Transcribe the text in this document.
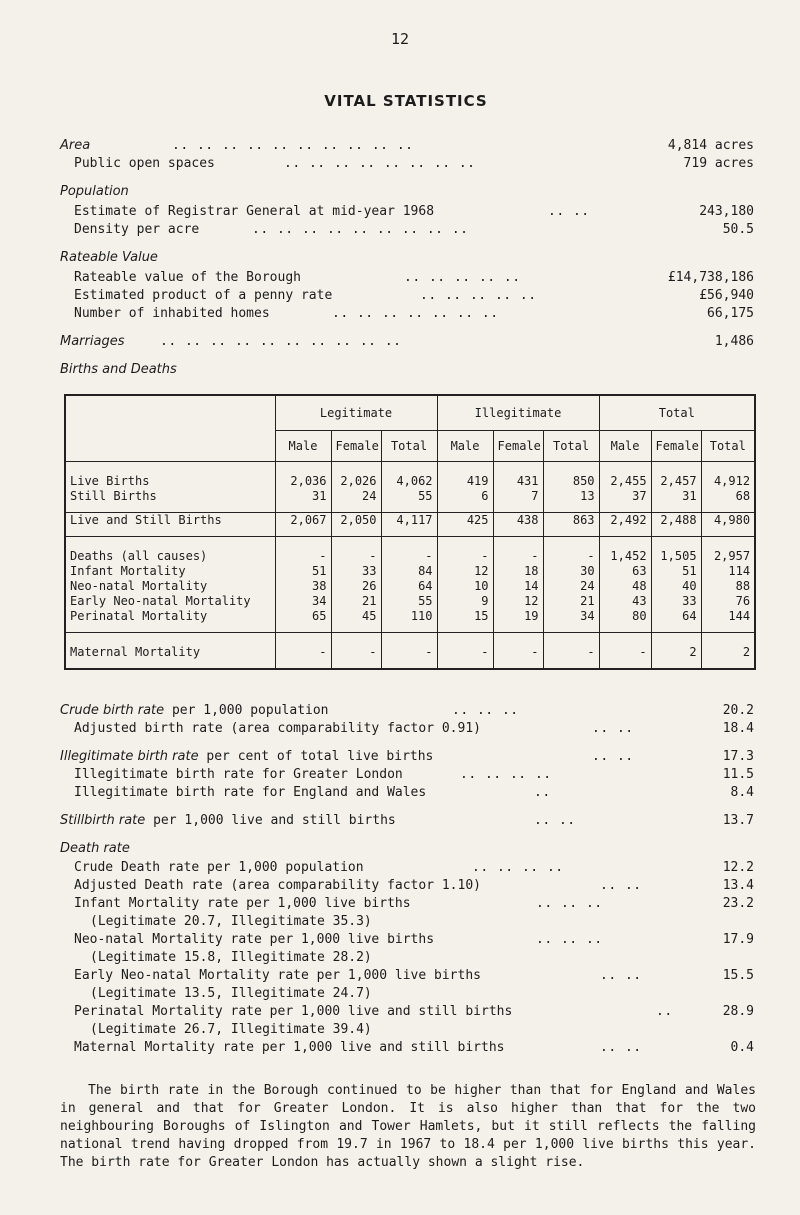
12
VITAL STATISTICS
Area	.. .. .. .. .. .. .. .. .. ..	4,814 acres
Public open spaces	.. .. .. .. .. .. .. ..	719 acres
Population
Estimate of Registrar General at mid-year 1968	.. ..	243,180
Density per acre	.. .. .. .. .. .. .. .. ..	50.5
Rateable Value
Rateable value of the Borough	.. .. .. .. ..	£14,738,186
Estimated product of a penny rate	.. .. .. .. ..	£56,940
Number of inhabited homes	.. .. .. .. .. .. ..	66,175
Marriages	.. .. .. .. .. .. .. .. .. ..	1,486
Births and Deaths
	Legitimate			Illegitimate			Total		
	Male	Female	Total	Male	Female	Total	Male	Female	Total

Live Births	2,036	2,026	4,062	419	431	850	2,455	2,457	4,912
Still Births	31	24	55	6	7	13	37	31	68

Live and Still Births	2,067	2,050	4,117	425	438	863	2,492	2,488	4,980

Deaths (all causes)	-	-	-	-	-	-	1,452	1,505	2,957
Infant Mortality	51	33	84	12	18	30	63	51	114
Neo-natal Mortality	38	26	64	10	14	24	48	40	88
Early Neo-natal Mortality	34	21	55	9	12	21	43	33	76
Perinatal Mortality	65	45	110	15	19	34	80	64	144

Maternal Mortality	-	-	-	-	-	-	-	2	2

Crude birth rate per 1,000 population	.. .. ..	20.2
Adjusted birth rate (area comparability factor 0.91)	.. ..	18.4
Illegitimate birth rate per cent of total live births	.. ..	17.3
Illegitimate birth rate for Greater London	.. .. .. ..	11.5
Illegitimate birth rate for England and Wales	..	8.4
Stillbirth rate per 1,000 live and still births	.. ..	13.7
Death rate
Crude Death rate per 1,000 population	.. .. .. ..	12.2
Adjusted Death rate (area comparability factor 1.10)	.. ..	13.4
Infant Mortality rate per 1,000 live births	.. .. ..	23.2
(Legitimate 20.7, Illegitimate 35.3)
Neo-natal Mortality rate per 1,000 live births	.. .. ..	17.9
(Legitimate 15.8, Illegitimate 28.2)
Early Neo-natal Mortality rate per 1,000 live births	.. ..	15.5
(Legitimate 13.5, Illegitimate 24.7)
Perinatal Mortality rate per 1,000 live and still births	..	28.9
(Legitimate 26.7, Illegitimate 39.4)
Maternal Mortality rate per 1,000 live and still births	.. ..	0.4
The birth rate in the Borough continued to be higher than that for England and Wales in general and that for Greater London. It is also higher than that for the two neighbouring Boroughs of Islington and Tower Hamlets, but it still reflects the falling national trend having dropped from 19.7 in 1967 to 18.4 per 1,000 live births this year. The birth rate for Greater London has actually shown a slight rise.
